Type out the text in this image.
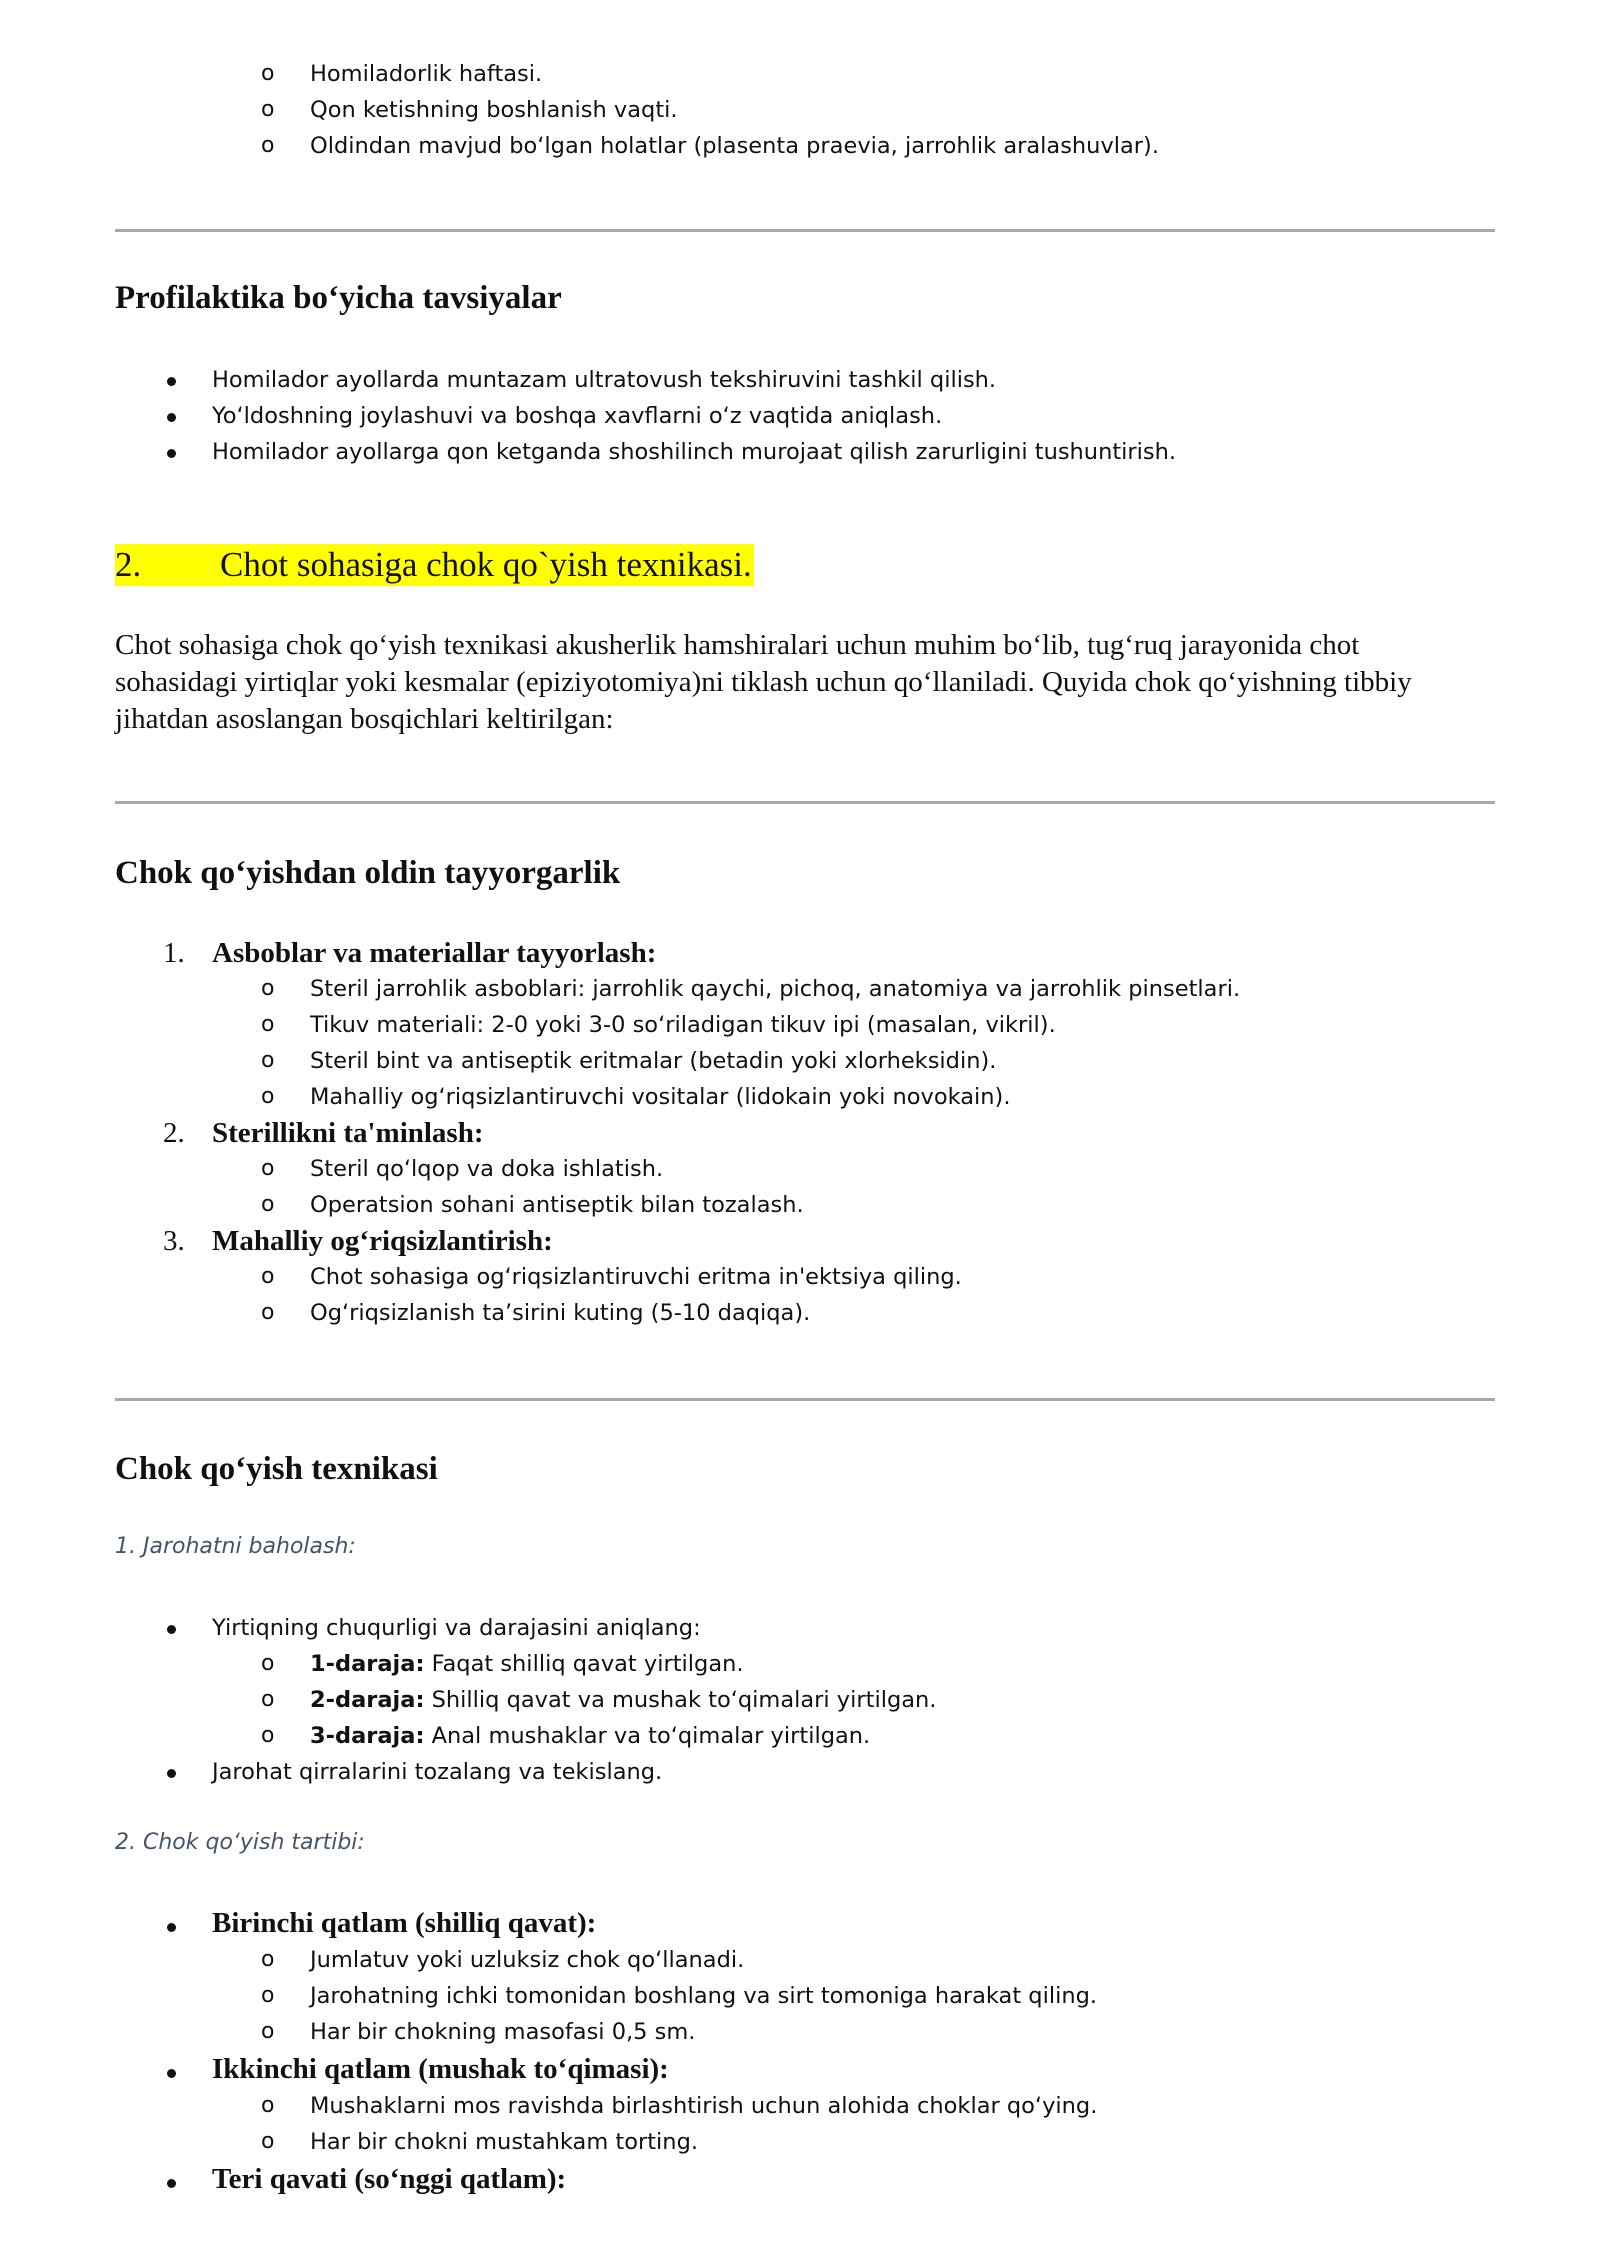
o Homiladorlik haftasi.
o Qon ketishning boshlanish vaqti.
o Oldindan mavjud bo‘lgan holatlar (plasenta praevia, jarrohlik aralashuvlar).
Profilaktika bo‘yicha tavsiyalar
Homilador ayollarda muntazam ultratovush tekshiruvini tashkil qilish.
Yo‘ldoshning joylashuvi va boshqa xavflarni o‘z vaqtida aniqlash.
Homilador ayollarga qon ketganda shoshilinch murojaat qilish zarurligini tushuntirish.
2. Chot sohasiga chok qo`yish texnikasi.

Chot sohasiga chok qo‘yish texnikasi akusherlik hamshiralari uchun muhim bo‘lib, tug‘ruq jarayonida chot sohasidagi yirtiqlar yoki kesmalar (epiziyotomiya)ni tiklash uchun qo‘llaniladi. Quyida chok qo‘yishning tibbiy jihatdan asoslangan bosqichlari keltirilgan:

Chok qo‘yishdan oldin tayyorgarlik
1. Asboblar va materiallar tayyorlash:
o Steril jarrohlik asboblari: jarrohlik qaychi, pichoq, anatomiya va jarrohlik pinsetlari.
o Tikuv materiali: 2-0 yoki 3-0 so‘riladigan tikuv ipi (masalan, vikril).
o Steril bint va antiseptik eritmalar (betadin yoki xlorheksidin).
o Mahalliy og‘riqsizlantiruvchi vositalar (lidokain yoki novokain).
2. Sterillikni ta'minlash:
o Steril qo‘lqop va doka ishlatish.
o Operatsion sohani antiseptik bilan tozalash.
3. Mahalliy og‘riqsizlantirish:
o Chot sohasiga og‘riqsizlantiruvchi eritma in'ektsiya qiling.
o Og‘riqsizlanish ta’sirini kuting (5-10 daqiqa).
Chok qo‘yish texnikasi
1. Jarohatni baholash:
Yirtiqning chuqurligi va darajasini aniqlang:
o 1-daraja: Faqat shilliq qavat yirtilgan.
o 2-daraja: Shilliq qavat va mushak to‘qimalari yirtilgan.
o 3-daraja: Anal mushaklar va to‘qimalar yirtilgan.
Jarohat qirralarini tozalang va tekislang.
2. Chok qo‘yish tartibi:
Birinchi qatlam (shilliq qavat):
o Jumlatuv yoki uzluksiz chok qo‘llanadi.
o Jarohatning ichki tomonidan boshlang va sirt tomoniga harakat qiling.
o Har bir chokning masofasi 0,5 sm.
Ikkinchi qatlam (mushak to‘qimasi):
o Mushaklarni mos ravishda birlashtirish uchun alohida choklar qo‘ying.
o Har bir chokni mustahkam torting.
Teri qavati (so‘nggi qatlam):
